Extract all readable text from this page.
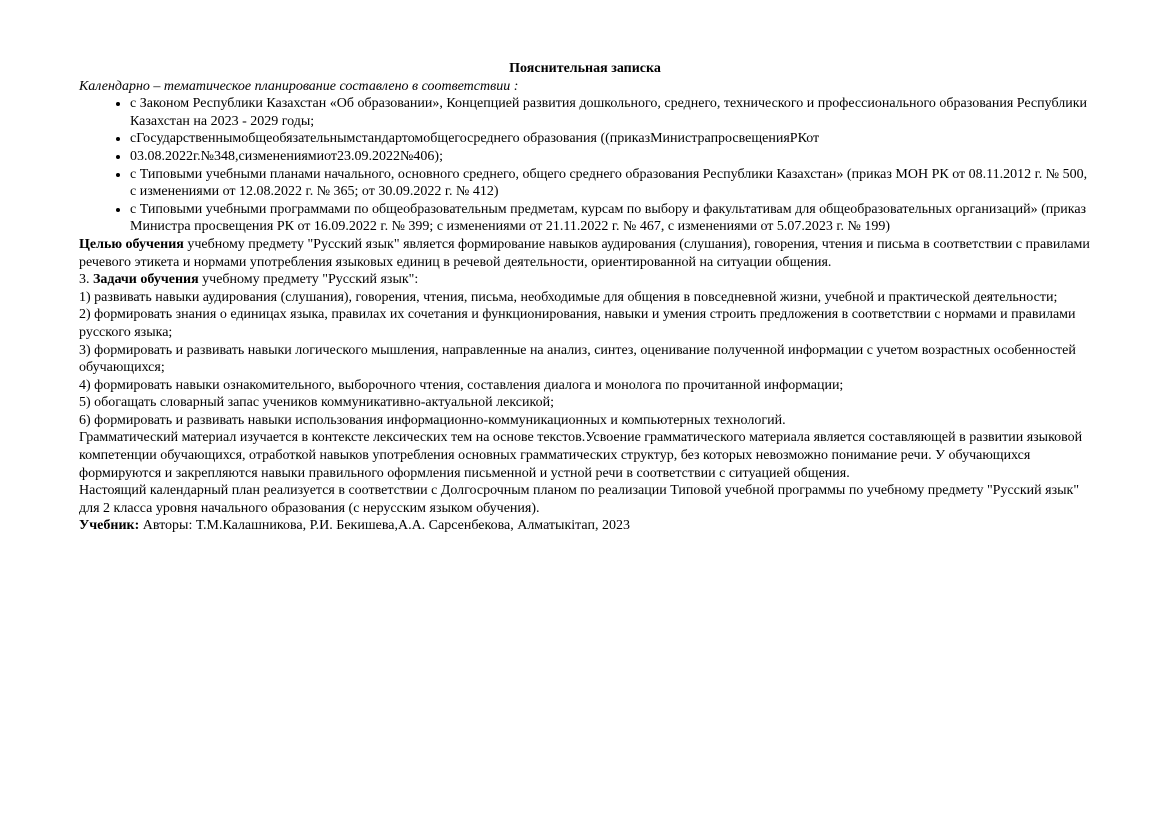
Пояснительная записка

Календарно – тематическое планирование составлено в соответствии :

• с Законом Республики Казахстан «Об образовании», Концепцией развития дошкольного, среднего, технического и профессионального образования Республики Казахстан на 2023 - 2029 годы;
• сГосударственнымобщеобязательнымстандартомобщегосреднего образования ((приказМинистрапросвещенияРКот
• 03.08.2022г.№348,сизменениямиот23.09.2022№406);
• с Типовыми учебными планами начального, основного среднего, общего среднего образования Республики Казахстан» (приказ МОН РК от 08.11.2012 г. № 500, с изменениями от 12.08.2022 г. № 365; от 30.09.2022 г. № 412)
• с Типовыми учебными программами по общеобразовательным предметам, курсам по выбору и факультативам для общеобразовательных организаций» (приказ Министра просвещения РК от 16.09.2022 г. № 399; с изменениями от 21.11.2022 г. № 467, с изменениями от 5.07.2023 г. № 199)

Целью обучения учебному предмету "Русский язык" является формирование навыков аудирования (слушания), говорения, чтения и письма в соответствии с правилами речевого этикета и нормами употребления языковых единиц в речевой деятельности, ориентированной на ситуации общения.

3. Задачи обучения учебному предмету "Русский язык":

1) развивать навыки аудирования (слушания), говорения, чтения, письма, необходимые для общения в повседневной жизни, учебной и практической деятельности;

2) формировать знания о единицах языка, правилах их сочетания и функционирования, навыки и умения строить предложения в соответствии с нормами и правилами русского языка;

3) формировать и развивать навыки логического мышления, направленные на анализ, синтез, оценивание полученной информации с учетом возрастных особенностей обучающихся;

4) формировать навыки ознакомительного, выборочного чтения, составления диалога и монолога по прочитанной информации;

5) обогащать словарный запас учеников коммуникативно-актуальной лексикой;

6) формировать и развивать навыки использования информационно-коммуникационных и компьютерных технологий.

Грамматический материал изучается в контексте лексических тем на основе текстов.Усвоение грамматического материала является составляющей в развитии языковой компетенции обучающихся, отработкой навыков употребления основных грамматических структур, без которых невозможно понимание речи. У обучающихся формируются и закрепляются навыки правильного оформления письменной и устной речи в соответствии с ситуацией общения.

Настоящий календарный план реализуется в соответствии с Долгосрочным планом по реализации Типовой учебной программы по учебному предмету "Русский язык" для 2 класса уровня начального образования (с нерусским языком обучения).

Учебник: Авторы: Т.М.Калашникова, Р.И. Бекишева,А.А. Сарсенбекова, Алматыкітап, 2023
